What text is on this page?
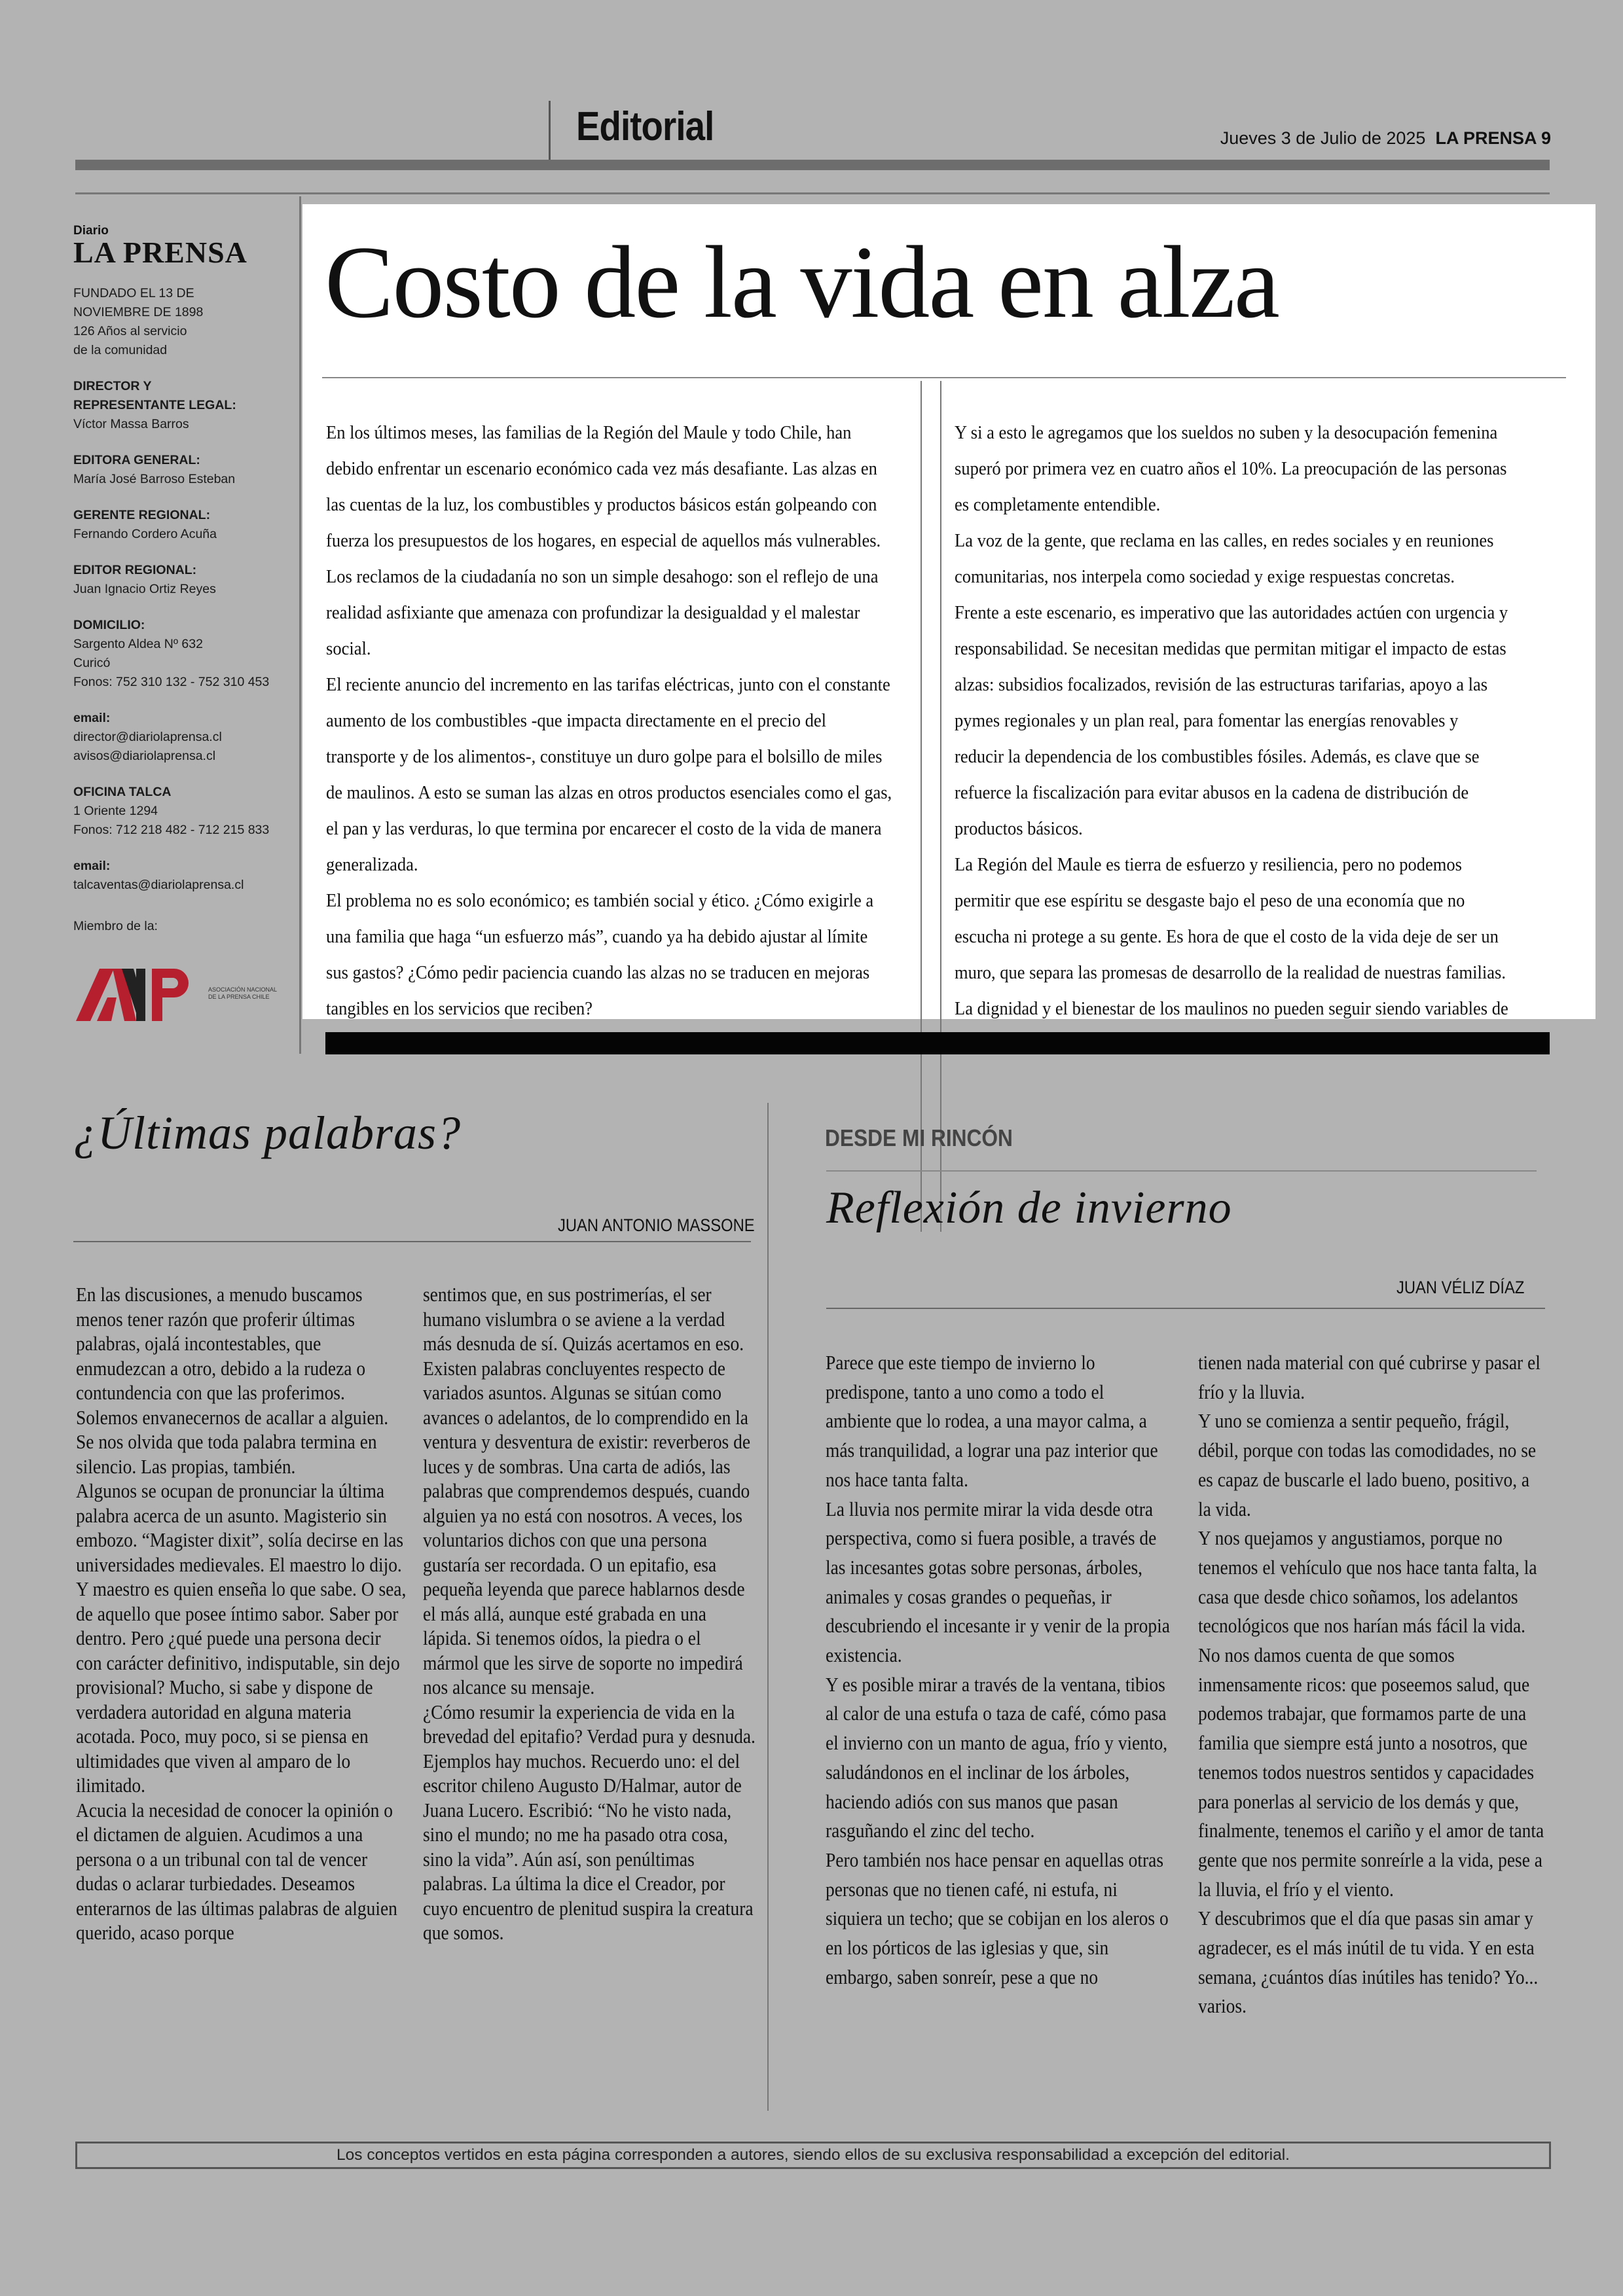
Editorial	Jueves 3 de Julio de 2025 LA PRENSA 9
Diario
LA PRENSA
FUNDADO EL 13 DE
NOVIEMBRE DE 1898
126 Años al servicio
de la comunidad
DIRECTOR Y
REPRESENTANTE LEGAL:
Víctor Massa Barros
EDITORA GENERAL:
María José Barroso Esteban
GERENTE REGIONAL:
Fernando Cordero Acuña
EDITOR REGIONAL:
Juan Ignacio Ortiz Reyes
DOMICILIO:
Sargento Aldea Nº 632
Curicó
Fonos: 752 310 132 - 752 310 453
email:
director@diariolaprensa.cl
avisos@diariolaprensa.cl
OFICINA TALCA
1 Oriente 1294
Fonos: 712 218 482 - 712 215 833
email:
talcaventas@diariolaprensa.cl
Miembro de la:
ASOCIACIÓN NACIONAL DE LA PRENSA CHILE
Costo de la vida en alza

En los últimos meses, las familias de la Región del Maule y todo Chile, han debido enfrentar un escenario económico cada vez más desafiante. Las alzas en las cuentas de la luz, los combustibles y productos básicos están golpeando con fuerza los presupuestos de los hogares, en especial de aquellos más vulnerables. Los reclamos de la ciudadanía no son un simple desahogo: son el reflejo de una realidad asfixiante que amenaza con profundizar la desigualdad y el malestar social.

El reciente anuncio del incremento en las tarifas eléctricas, junto con el constante aumento de los combustibles -que impacta directamente en el precio del transporte y de los alimentos-, constituye un duro golpe para el bolsillo de miles de maulinos. A esto se suman las alzas en otros productos esenciales como el gas, el pan y las verduras, lo que termina por encarecer el costo de la vida de manera generalizada.

El problema no es solo económico; es también social y ético. ¿Cómo exigirle a una familia que haga “un esfuerzo más”, cuando ya ha debido ajustar al límite sus gastos? ¿Cómo pedir paciencia cuando las alzas no se traducen en mejoras tangibles en los servicios que reciben?

Y si a esto le agregamos que los sueldos no suben y la desocupación femenina superó por primera vez en cuatro años el 10%. La preocupación de las personas es completamente entendible.

La voz de la gente, que reclama en las calles, en redes sociales y en reuniones comunitarias, nos interpela como sociedad y exige respuestas concretas.

Frente a este escenario, es imperativo que las autoridades actúen con urgencia y responsabilidad. Se necesitan medidas que permitan mitigar el impacto de estas alzas: subsidios focalizados, revisión de las estructuras tarifarias, apoyo a las pymes regionales y un plan real, para fomentar las energías renovables y reducir la dependencia de los combustibles fósiles. Además, es clave que se refuerce la fiscalización para evitar abusos en la cadena de distribución de productos básicos.

La Región del Maule es tierra de esfuerzo y resiliencia, pero no podemos permitir que ese espíritu se desgaste bajo el peso de una economía que no escucha ni protege a su gente. Es hora de que el costo de la vida deje de ser un muro, que separa las promesas de desarrollo de la realidad de nuestras familias. La dignidad y el bienestar de los maulinos no pueden seguir siendo variables de

¿Últimas palabras?
JUAN ANTONIO MASSONE

En las discusiones, a menudo buscamos menos tener razón que proferir últimas palabras, ojalá incontestables, que enmudezcan a otro, debido a la rudeza o contundencia con que las proferimos. Solemos envanecernos de acallar a alguien. Se nos olvida que toda palabra termina en silencio. Las propias, también.

Algunos se ocupan de pronunciar la última palabra acerca de un asunto. Magisterio sin embozo. “Magister dixit”, solía decirse en las universidades medievales. El maestro lo dijo. Y maestro es quien enseña lo que sabe. O sea, de aquello que posee íntimo sabor. Saber por dentro. Pero ¿qué puede una persona decir con carácter definitivo, indisputable, sin dejo provisional? Mucho, si sabe y dispone de verdadera autoridad en alguna materia acotada. Poco, muy poco, si se piensa en ultimidades que viven al amparo de lo ilimitado.

Acucia la necesidad de conocer la opinión o el dictamen de alguien. Acudimos a una persona o a un tribunal con tal de vencer dudas o aclarar turbiedades. Deseamos enterarnos de las últimas palabras de alguien querido, acaso porque

sentimos que, en sus postrimerías, el ser humano vislumbra o se aviene a la verdad más desnuda de sí. Quizás acertamos en eso.

Existen palabras concluyentes respecto de variados asuntos. Algunas se sitúan como avances o adelantos, de lo comprendido en la ventura y desventura de existir: reverberos de luces y de sombras. Una carta de adiós, las palabras que comprendemos después, cuando alguien ya no está con nosotros. A veces, los voluntarios dichos con que una persona gustaría ser recordada. O un epitafio, esa pequeña leyenda que parece hablarnos desde el más allá, aunque esté grabada en una lápida. Si tenemos oídos, la piedra o el mármol que les sirve de soporte no impedirá nos alcance su mensaje.

¿Cómo resumir la experiencia de vida en la brevedad del epitafio? Verdad pura y desnuda. Ejemplos hay muchos. Recuerdo uno: el del escritor chileno Augusto D/Halmar, autor de Juana Lucero. Escribió: “No he visto nada, sino el mundo; no me ha pasado otra cosa, sino la vida”. Aún así, son penúltimas palabras. La última la dice el Creador, por cuyo encuentro de plenitud suspira la creatura que somos.

DESDE MI RINCÓN
Reflexión de invierno
JUAN VÉLIZ DÍAZ

Parece que este tiempo de invierno lo predispone, tanto a uno como a todo el ambiente que lo rodea, a una mayor calma, a más tranquilidad, a lograr una paz interior que nos hace tanta falta.

La lluvia nos permite mirar la vida desde otra perspectiva, como si fuera posible, a través de las incesantes gotas sobre personas, árboles, animales y cosas grandes o pequeñas, ir descubriendo el incesante ir y venir de la propia existencia.

Y es posible mirar a través de la ventana, tibios al calor de una estufa o taza de café, cómo pasa el invierno con un manto de agua, frío y viento, saludándonos en el inclinar de los árboles, haciendo adiós con sus manos que pasan rasguñando el zinc del techo.

Pero también nos hace pensar en aquellas otras personas que no tienen café, ni estufa, ni siquiera un techo; que se cobijan en los aleros o en los pórticos de las iglesias y que, sin embargo, saben sonreír, pese a que no

tienen nada material con qué cubrirse y pasar el frío y la lluvia.

Y uno se comienza a sentir pequeño, frágil, débil, porque con todas las comodidades, no se es capaz de buscarle el lado bueno, positivo, a la vida.

Y nos quejamos y angustiamos, porque no tenemos el vehículo que nos hace tanta falta, la casa que desde chico soñamos, los adelantos tecnológicos que nos harían más fácil la vida.

No nos damos cuenta de que somos inmensamente ricos: que poseemos salud, que podemos trabajar, que formamos parte de una familia que siempre está junto a nosotros, que tenemos todos nuestros sentidos y capacidades para ponerlas al servicio de los demás y que, finalmente, tenemos el cariño y el amor de tanta gente que nos permite sonreírle a la vida, pese a la lluvia, el frío y el viento.

Y descubrimos que el día que pasas sin amar y agradecer, es el más inútil de tu vida. Y en esta semana, ¿cuántos días inútiles has tenido? Yo... varios.

Los conceptos vertidos en esta página corresponden a autores, siendo ellos de su exclusiva responsabilidad a excepción del editorial.
